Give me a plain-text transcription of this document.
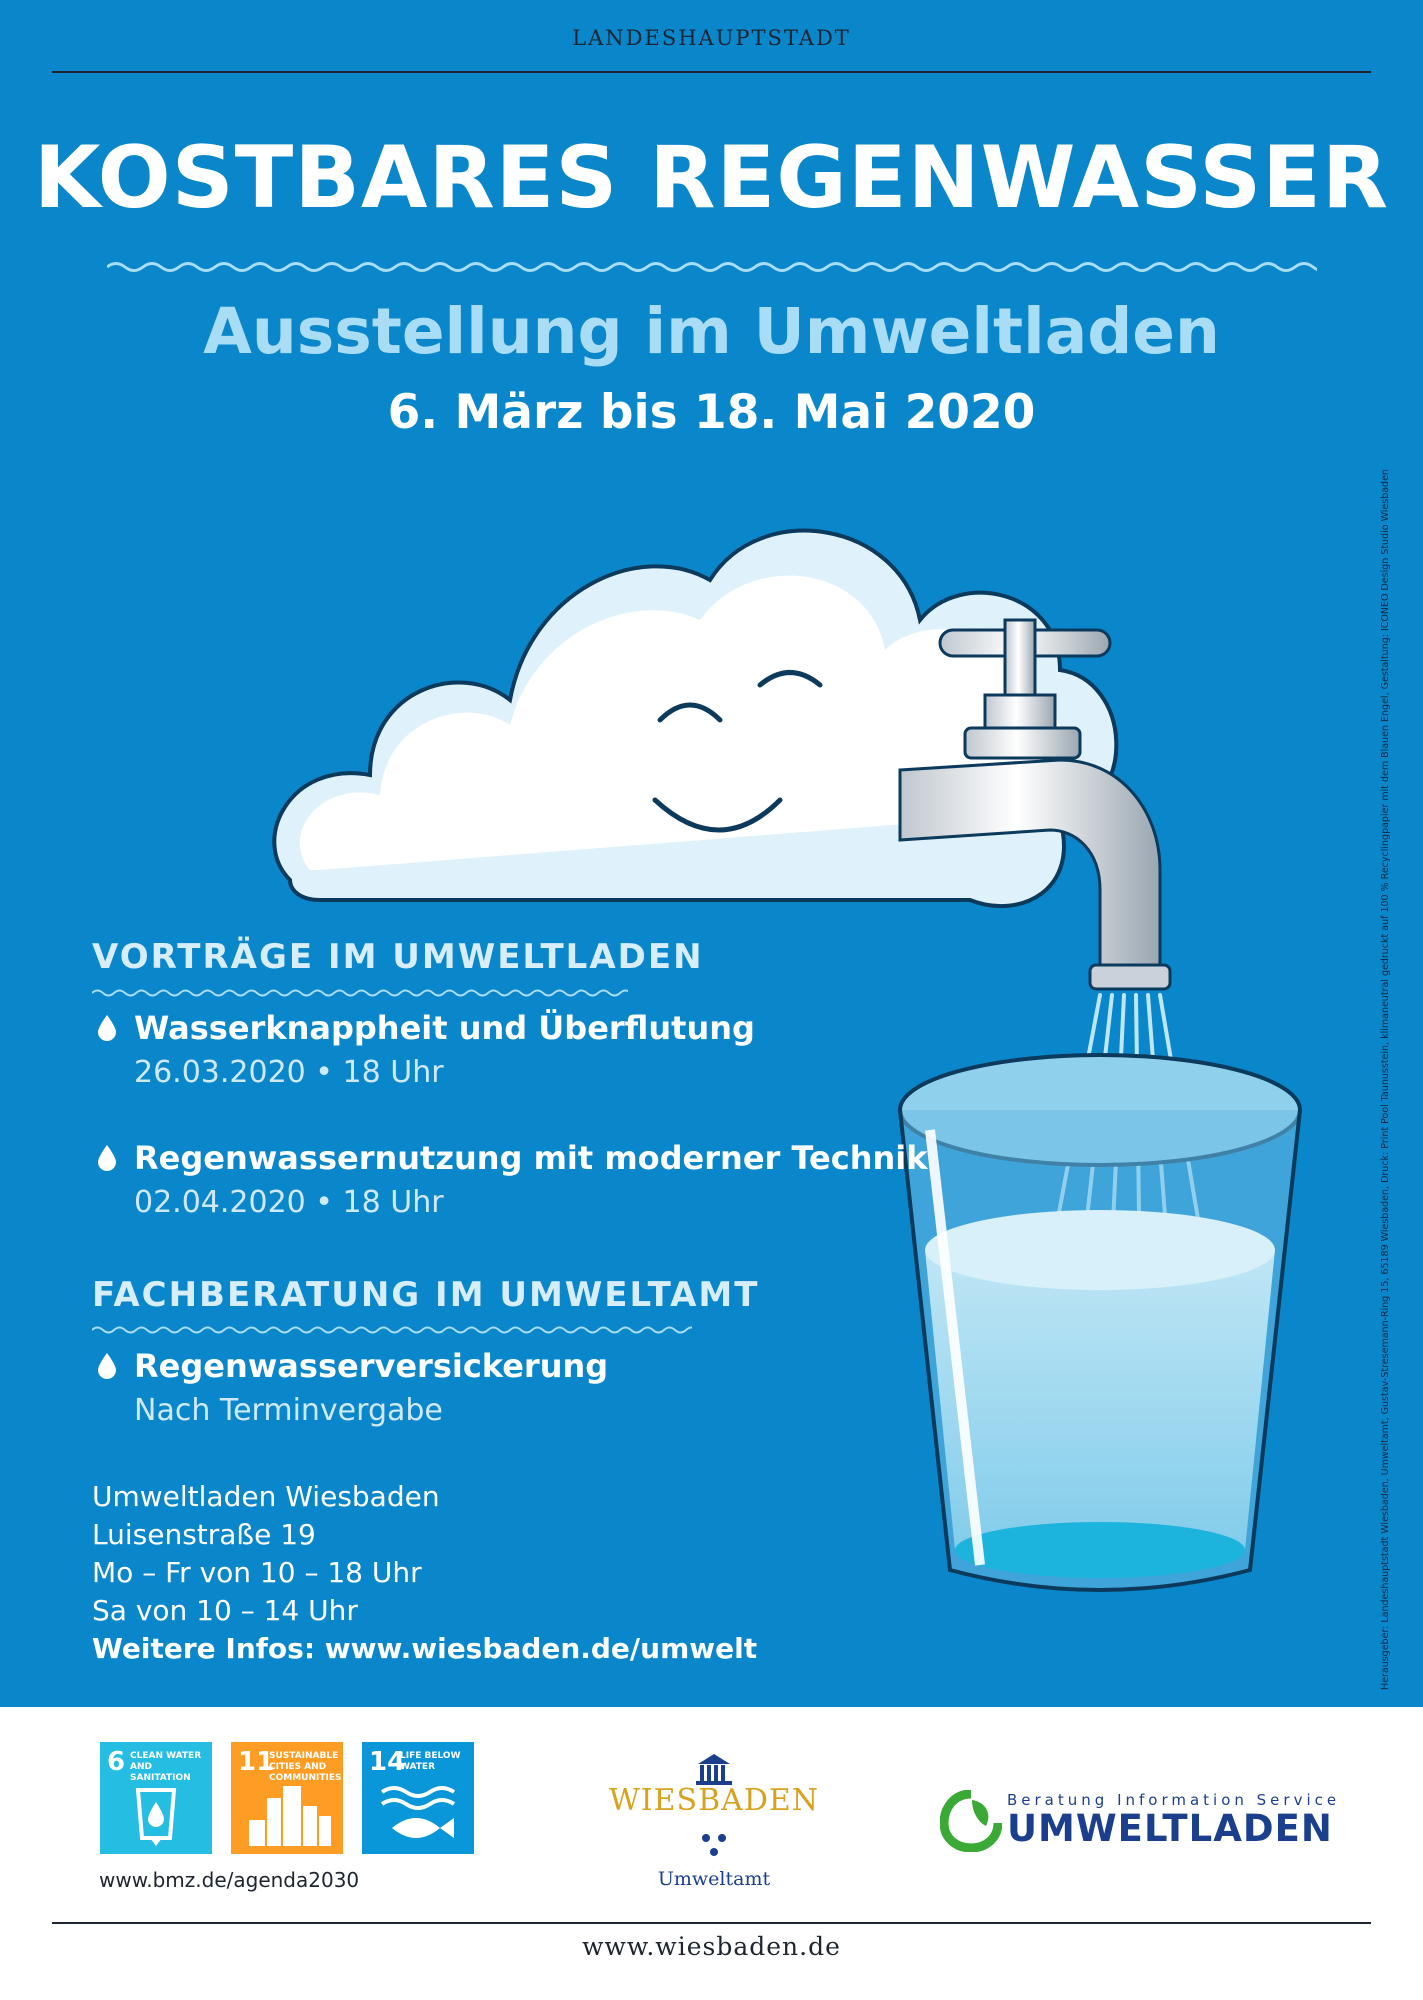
LANDESHAUPTSTADT
KOSTBARES REGENWASSER
Ausstellung im Umweltladen
6. März bis 18. Mai 2020
Herausgeber: Landeshauptstadt Wiesbaden, Umweltamt, Gustav-Stresemann-Ring 15, 65189 Wiesbaden, Druck: Print Pool Taunusstein, klimaneutral gedruckt auf 100 % Recyclingpapier mit dem Blauen Engel, Gestaltung: ICONEO Design Studio Wiesbaden
VORTRÄGE IM UMWELTLADEN
Wasserknappheit und Überflutung
26.03.2020 • 18 Uhr
Regenwassernutzung mit moderner Technik
02.04.2020 • 18 Uhr
FACHBERATUNG IM UMWELTAMT
Regenwasserversickerung
Nach Terminvergabe
Umweltladen Wiesbaden
Luisenstraße 19
Mo – Fr von 10 – 18 Uhr
Sa von 10 – 14 Uhr
Weitere Infos: www.wiesbaden.de/umwelt
6 CLEAN WATER AND SANITATION
11
SUSTAINABLE CITIES AND COMMUNITIES
14
LIFE BELOW WATER
www.bmz.de/agenda2030
WIESBADEN
Umweltamt
Beratung Information Service
UMWELTLADEN
www.wiesbaden.de
